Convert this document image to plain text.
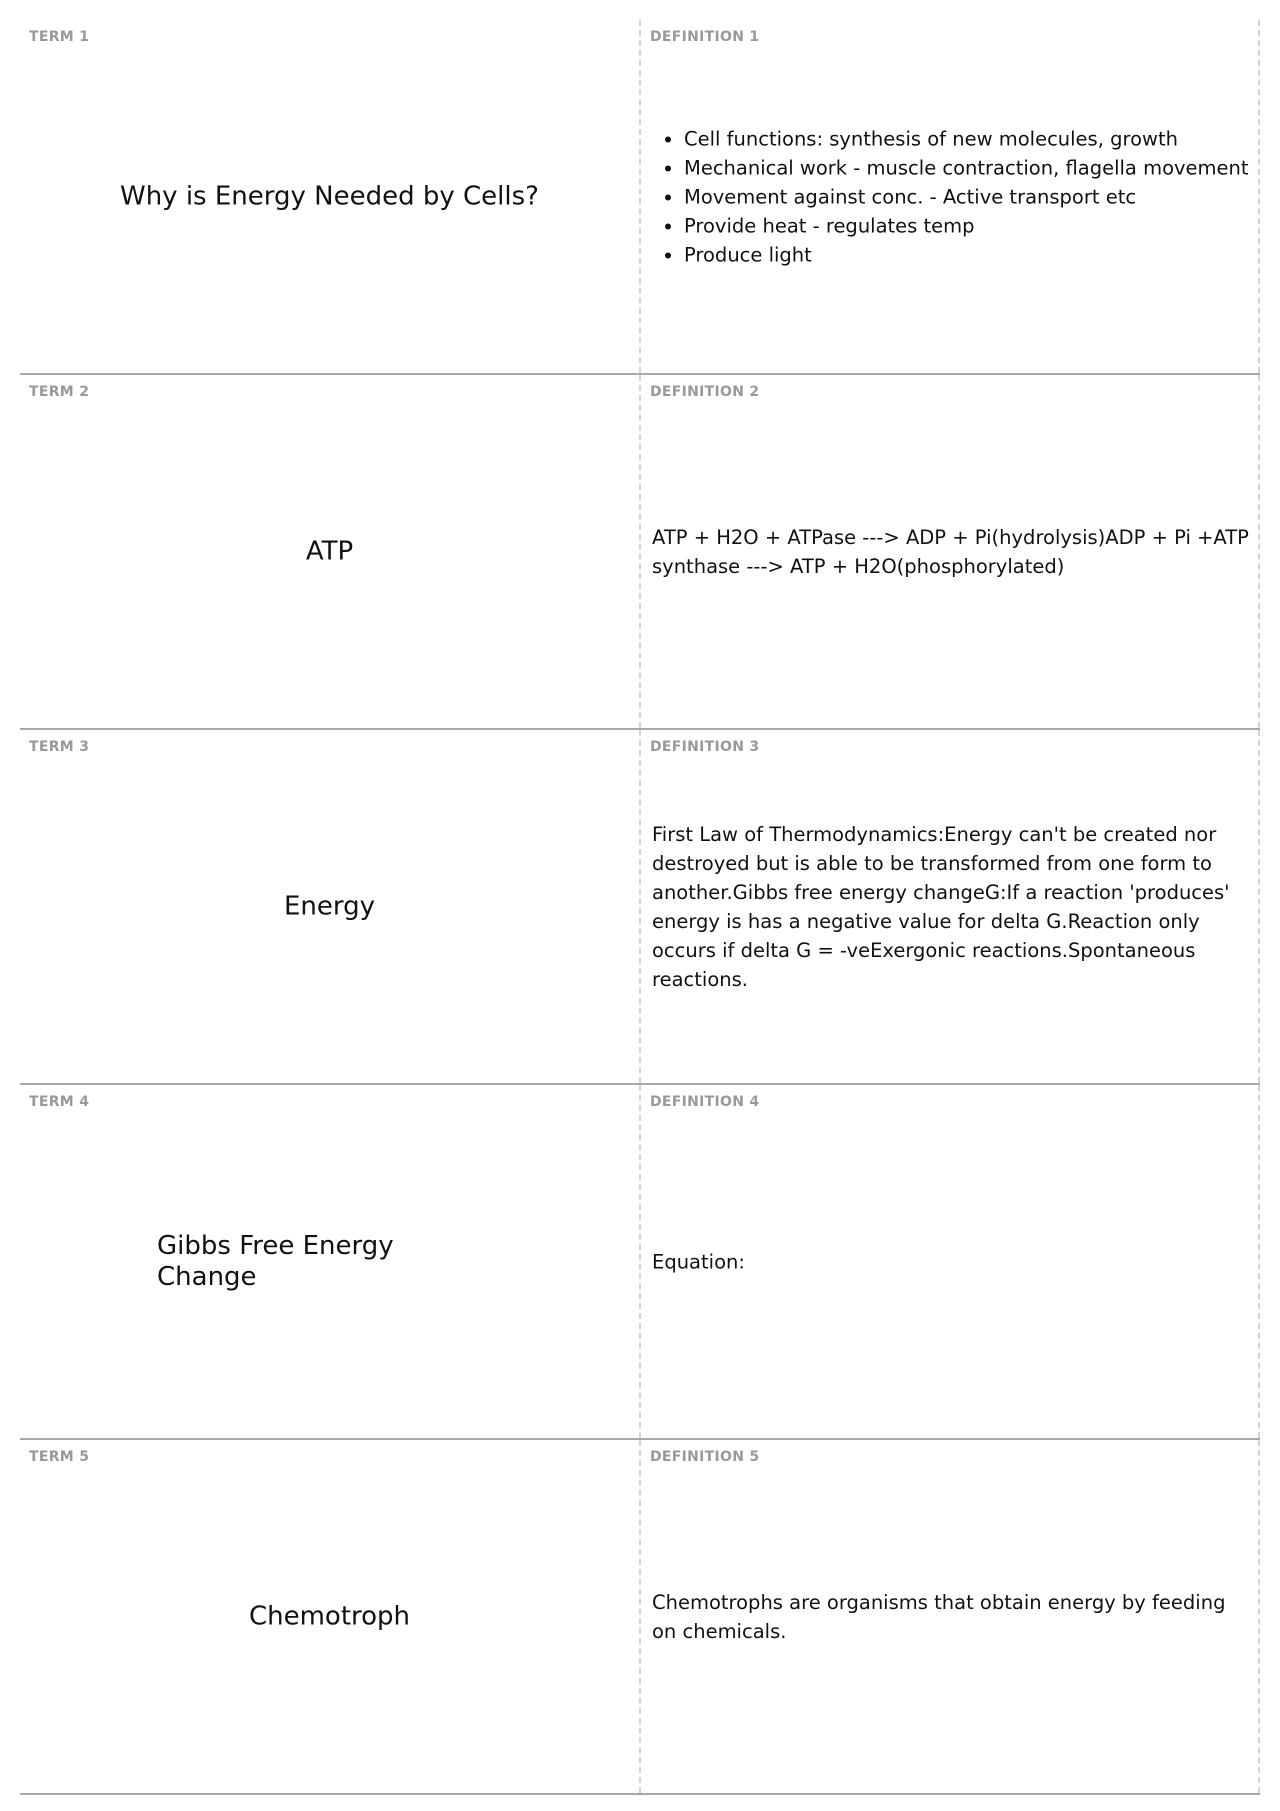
TERM 1
Why is Energy Needed by Cells?
DEFINITION 1
• Cell functions: synthesis of new molecules, growth
• Mechanical work - muscle contraction, flagella movement
• Movement against conc. - Active transport etc
• Provide heat - regulates temp
• Produce light
TERM 2
ATP
DEFINITION 2
ATP + H2O + ATPase ---> ADP + Pi(hydrolysis)ADP + Pi +ATP synthase ---> ATP + H2O(phosphorylated)
TERM 3
Energy
DEFINITION 3
First Law of Thermodynamics:Energy can't be created nor destroyed but is able to be transformed from one form to another.Gibbs free energy changeG:If a reaction 'produces' energy is has a negative value for delta G.Reaction only occurs if delta G = -veExergonic reactions.Spontaneous reactions.
TERM 4
Gibbs Free Energy Change
DEFINITION 4
Equation:
TERM 5
Chemotroph
DEFINITION 5
Chemotrophs are organisms that obtain energy by feeding on chemicals.
